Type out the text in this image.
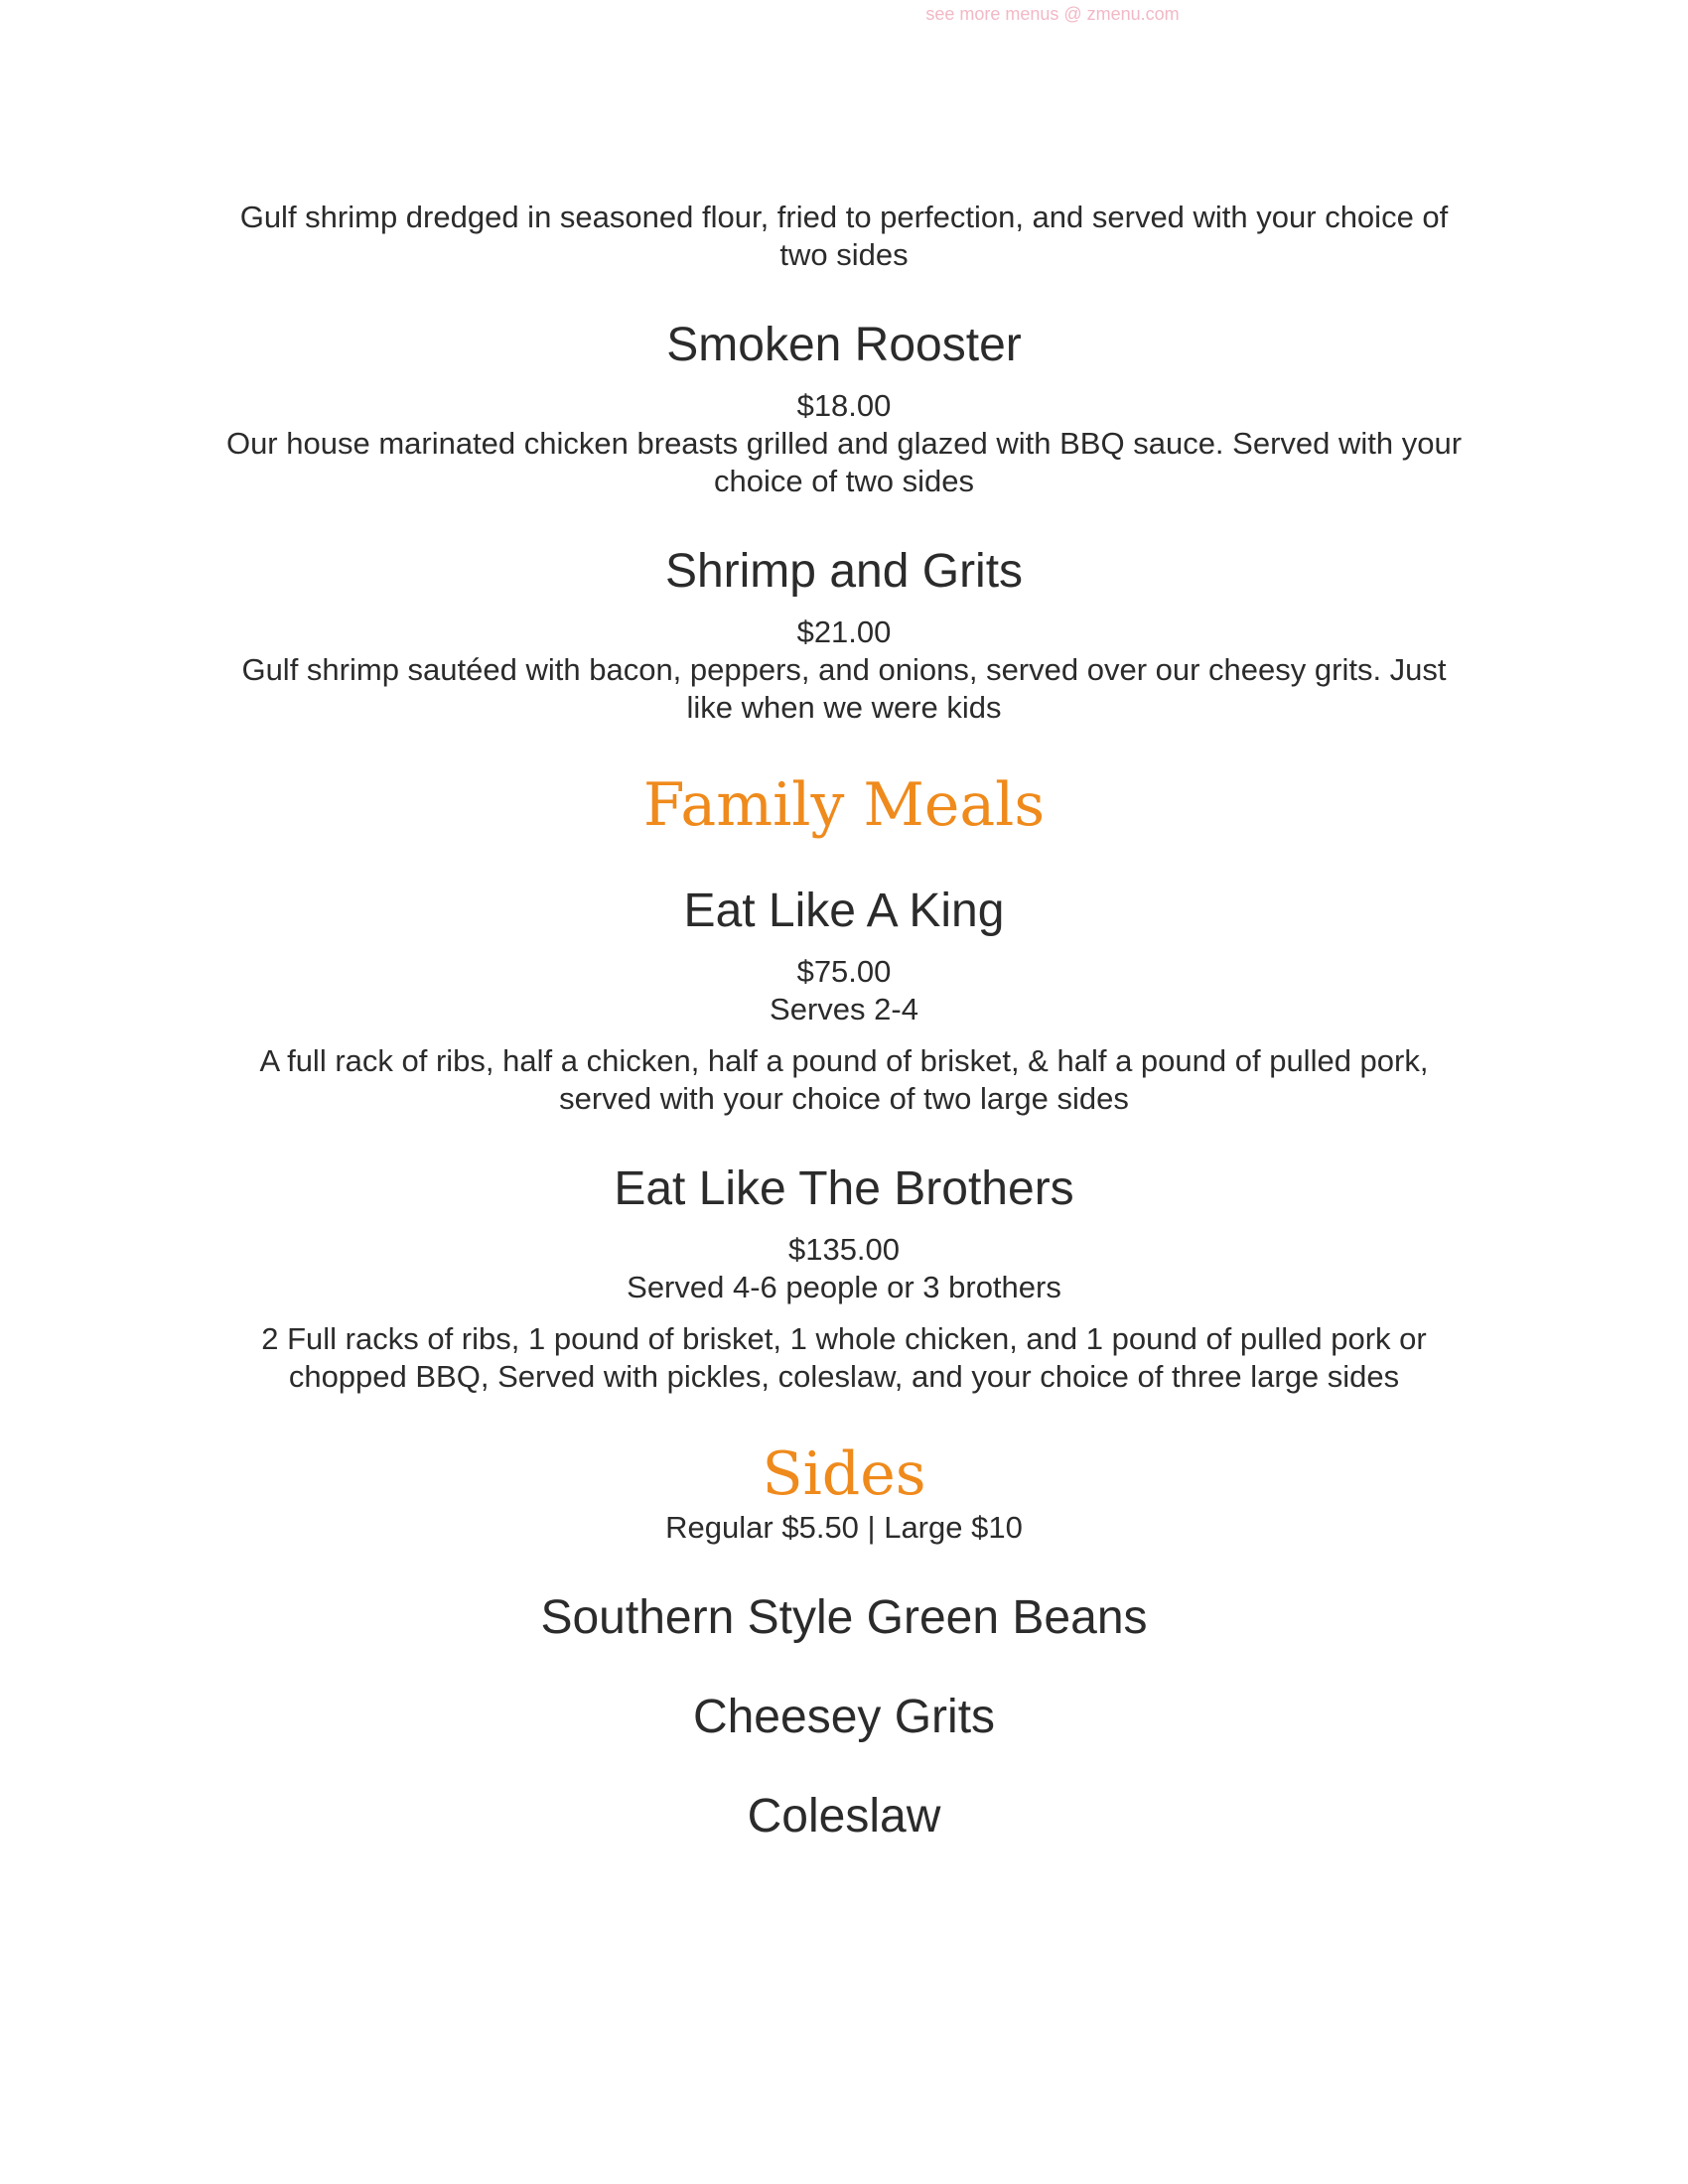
see more menus @ zmenu.com

Gulf shrimp dredged in seasoned flour, fried to perfection, and served with your choice of two sides

Smoken Rooster

$18.00

Our house marinated chicken breasts grilled and glazed with BBQ sauce. Served with your choice of two sides

Shrimp and Grits

$21.00

Gulf shrimp sautéed with bacon, peppers, and onions, served over our cheesy grits. Just like when we were kids

Family Meals
Eat Like A King

$75.00

Serves 2-4

A full rack of ribs, half a chicken, half a pound of brisket, & half a pound of pulled pork, served with your choice of two large sides

Eat Like The Brothers

$135.00

Served 4-6 people or 3 brothers

2 Full racks of ribs, 1 pound of brisket, 1 whole chicken, and 1 pound of pulled pork or chopped BBQ, Served with pickles, coleslaw, and your choice of three large sides

Sides

Regular $5.50 | Large $10

Southern Style Green Beans
Cheesey Grits
Coleslaw
